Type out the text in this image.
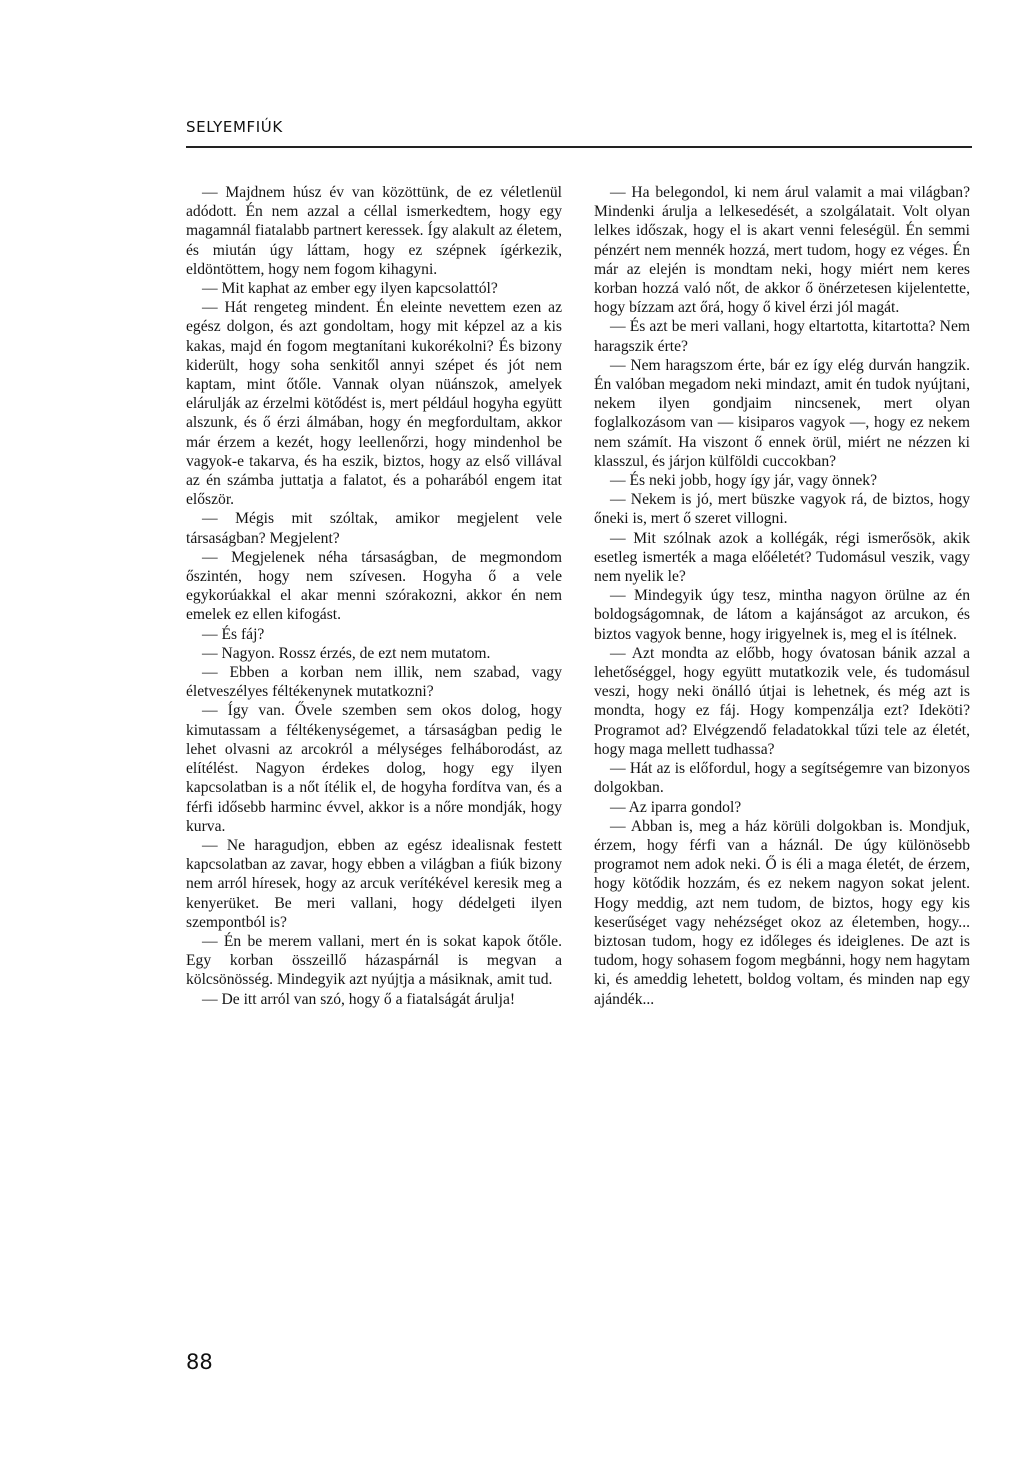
SELYEMFIÚK

— Majdnem húsz év van közöttünk, de ez véletlenül adódott. Én nem azzal a céllal ismerkedtem, hogy egy magamnál fiatalabb partnert keressek. Így alakult az életem, és miután úgy láttam, hogy ez szépnek ígérkezik, eldöntöttem, hogy nem fogom kihagyni.

— Mit kaphat az ember egy ilyen kapcsolattól?

— Hát rengeteg mindent. Én eleinte nevettem ezen az egész dolgon, és azt gondoltam, hogy mit képzel az a kis kakas, majd én fogom megtanítani kukorékolni? És bizony kiderült, hogy soha senkitől annyi szépet és jót nem kaptam, mint őtőle. Vannak olyan nüánszok, amelyek elárulják az érzelmi kötődést is, mert például hogyha együtt alszunk, és ő érzi álmában, hogy én megfordultam, akkor már érzem a kezét, hogy leellenőrzi, hogy mindenhol be vagyok-e takarva, és ha eszik, biztos, hogy az első villával az én számba juttatja a falatot, és a poharából engem itat először.

— Mégis mit szóltak, amikor megjelent vele társaságban? Megjelent?

— Megjelenek néha társaságban, de megmondom őszintén, hogy nem szívesen. Hogyha ő a vele egykorúakkal el akar menni szórakozni, akkor én nem emelek ez ellen kifogást.

— És fáj?

— Nagyon. Rossz érzés, de ezt nem mutatom.

— Ebben a korban nem illik, nem szabad, vagy életveszélyes féltékenynek mutatkozni?

— Így van. Ővele szemben sem okos dolog, hogy kimutassam a féltékenységemet, a társaságban pedig le lehet olvasni az arcokról a mélységes felháborodást, az elítélést. Nagyon érdekes dolog, hogy egy ilyen kapcsolatban is a nőt ítélik el, de hogyha fordítva van, és a férfi idősebb harminc évvel, akkor is a nőre mondják, hogy kurva.

— Ne haragudjon, ebben az egész idealisnak festett kapcsolatban az zavar, hogy ebben a világban a fiúk bizony nem arról híresek, hogy az arcuk verítékével keresik meg a kenyerüket. Be meri vallani, hogy dédelgeti ilyen szempontból is?

— Én be merem vallani, mert én is sokat kapok őtőle. Egy korban összeillő házaspárnál is megvan a kölcsönösség. Mindegyik azt nyújtja a másiknak, amit tud.

— De itt arról van szó, hogy ő a fiatalságát árulja!

— Ha belegondol, ki nem árul valamit a mai világban? Mindenki árulja a lelkesedését, a szolgálatait. Volt olyan lelkes időszak, hogy el is akart venni feleségül. Én semmi pénzért nem mennék hozzá, mert tudom, hogy ez véges. Én már az elején is mondtam neki, hogy miért nem keres korban hozzá való nőt, de akkor ő önérzetesen kijelentette, hogy bízzam azt őrá, hogy ő kivel érzi jól magát.

— És azt be meri vallani, hogy eltartotta, kitartotta? Nem haragszik érte?

— Nem haragszom érte, bár ez így elég durván hangzik. Én valóban megadom neki mindazt, amit én tudok nyújtani, nekem ilyen gondjaim nincsenek, mert olyan foglalkozásom van — kisiparos vagyok —, hogy ez nekem nem számít. Ha viszont ő ennek örül, miért ne nézzen ki klasszul, és járjon külföldi cuccokban?

— És neki jobb, hogy így jár, vagy önnek?

— Nekem is jó, mert büszke vagyok rá, de biztos, hogy őneki is, mert ő szeret villogni.

— Mit szólnak azok a kollégák, régi ismerősök, akik esetleg ismerték a maga előéletét? Tudomásul veszik, vagy nem nyelik le?

— Mindegyik úgy tesz, mintha nagyon örülne az én boldogságomnak, de látom a kajánságot az arcukon, és biztos vagyok benne, hogy irigyelnek is, meg el is ítélnek.

— Azt mondta az előbb, hogy óvatosan bánik azzal a lehetőséggel, hogy együtt mutatkozik vele, és tudomásul veszi, hogy neki önálló útjai is lehetnek, és még azt is mondta, hogy ez fáj. Hogy kompenzálja ezt? Ideköti? Programot ad? Elvégzendő feladatokkal tűzi tele az életét, hogy maga mellett tudhassa?

— Hát az is előfordul, hogy a segítségemre van bizonyos dolgokban.

— Az iparra gondol?

— Abban is, meg a ház körüli dolgokban is. Mondjuk, érzem, hogy férfi van a háznál. De úgy különösebb programot nem adok neki. Ő is éli a maga életét, de érzem, hogy kötődik hozzám, és ez nekem nagyon sokat jelent. Hogy meddig, azt nem tudom, de biztos, hogy egy kis keserűséget vagy nehézséget okoz az életemben, hogy... biztosan tudom, hogy ez időleges és ideiglenes. De azt is tudom, hogy sohasem fogom megbánni, hogy nem hagytam ki, és ameddig lehetett, boldog voltam, és minden nap egy ajándék...

88
